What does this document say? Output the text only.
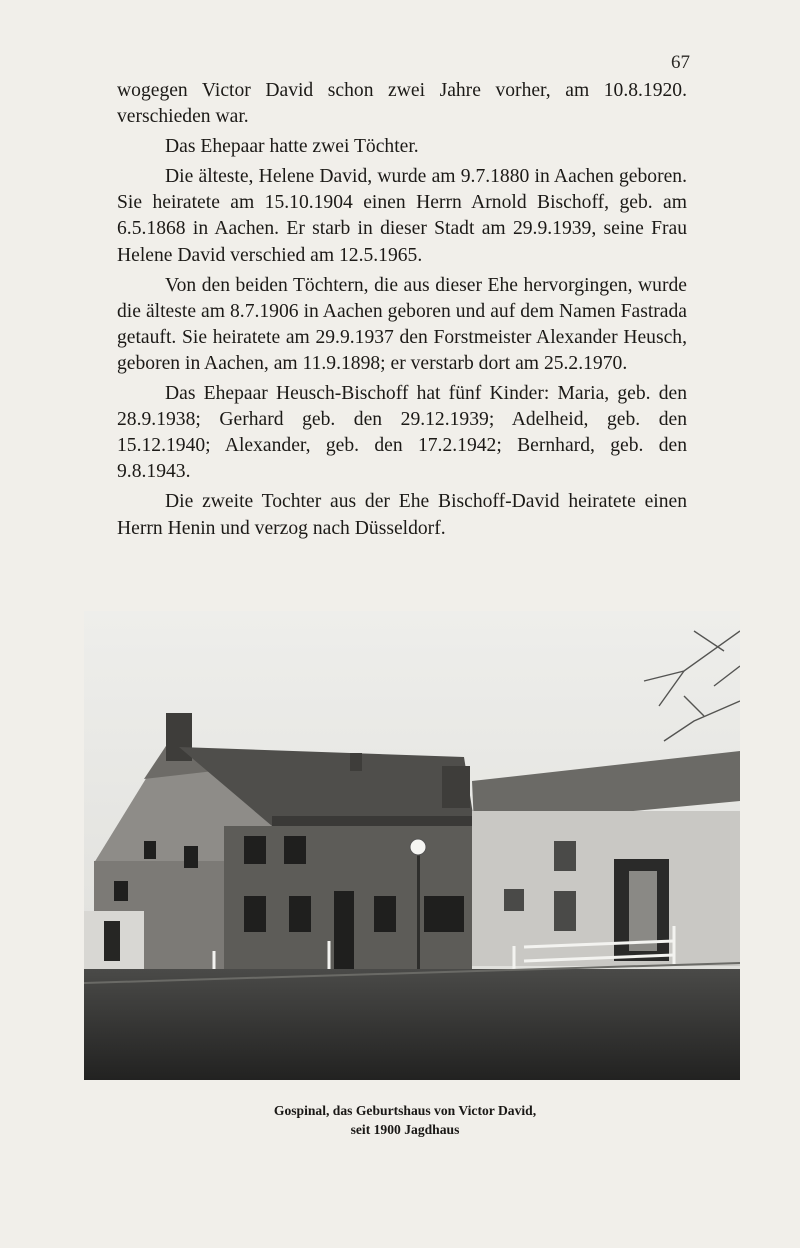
67

wogegen Victor David schon zwei Jahre vorher, am 10.8.1920. verschieden war.

Das Ehepaar hatte zwei Töchter.

Die älteste, Helene David, wurde am 9.7.1880 in Aachen geboren. Sie heiratete am 15.10.1904 einen Herrn Arnold Bischoff, geb. am 6.5.1868 in Aachen. Er starb in dieser Stadt am 29.9.1939, seine Frau Helene David verschied am 12.5.1965.

Von den beiden Töchtern, die aus dieser Ehe hervorgingen, wurde die älteste am 8.7.1906 in Aachen geboren und auf dem Namen Fastrada getauft. Sie heiratete am 29.9.1937 den Forstmeister Alexander Heusch, geboren in Aachen, am 11.9.1898; er verstarb dort am 25.2.1970.

Das Ehepaar Heusch-Bischoff hat fünf Kinder: Maria, geb. den 28.9.1938; Gerhard geb. den 29.12.1939; Adelheid, geb. den 15.12.1940; Alexander, geb. den 17.2.1942; Bernhard, geb. den 9.8.1943.

Die zweite Tochter aus der Ehe Bischoff-David heiratete einen Herrn Henin und verzog nach Düsseldorf.

Gospinal, das Geburtshaus von Victor David,
seit 1900 Jagdhaus
